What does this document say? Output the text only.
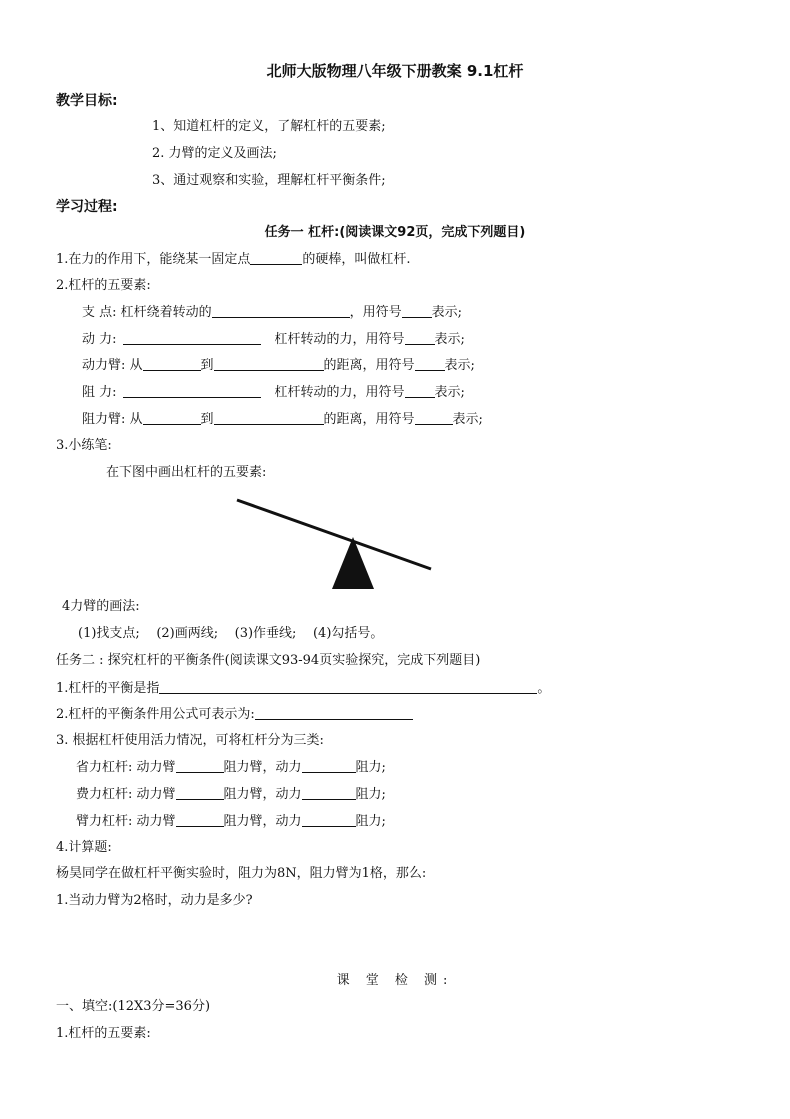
北师大版物理八年级下册教案 9.1杠杆
教学目标:
1、知道杠杆的定义，了解杠杆的五要素;
2. 力臂的定义及画法;
3、通过观察和实验，理解杠杆平衡条件;
学习过程:
任务一 杠杆:(阅读课文92页，完成下列题目)
1.在力的作用下，能绕某一固定点	的硬棒，叫做杠杆.
2.杠杆的五要素:
支 点: 杠杆绕着转动的	，用符号 表示;
动 力:	杠杆转动的力，用符号 表示;
动力臂: 从	到	的距离，用符号 表示;
阻 力:	杠杆转动的力，用符号 表示;
阻力臂: 从	到	的距离，用符号	表示;
3.小练笔:
在下图中画出杠杆的五要素:
4力臂的画法:
(1)找支点;    (2)画两线;    (3)作垂线;    (4)勾括号。
任务二 : 探究杠杆的平衡条件(阅读课文93-94页实验探究，完成下列题目)
1.杠杆的平衡是指	。
2.杠杆的平衡条件用公式可表示为:
3. 根据杠杆使用活力情况，可将杠杆分为三类:
省力杠杆: 动力臂	阻力臂，动力	阻力;
费力杠杆: 动力臂	阻力臂，动力	阻力;
臂力杠杆: 动力臂	阻力臂，动力	阻力;
4.计算题:
杨昊同学在做杠杆平衡实验时，阻力为8N，阻力臂为1格，那么:
1.当动力臂为2格时，动力是多少?
课 堂 检 测:
一、填空:(12X3分=36分)
1.杠杆的五要素:
